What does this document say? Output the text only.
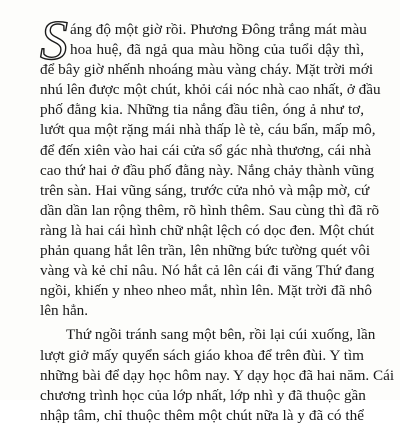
S áng độ một giờ rồi. Phương Đông trắng mát màu
hoa huệ, đã ngả qua màu hồng của tuổi dậy thì,
để bây giờ nhếnh nhoáng màu vàng cháy. Mặt trời mới
nhú lên được một chút, khỏi cái nóc nhà cao nhất, ở đầu
phố đằng kia. Những tia nắng đầu tiên, óng ả như tơ,
lướt qua một rặng mái nhà thấp lè tè, cáu bẩn, mấp mô,
để đến xiên vào hai cái cửa sổ gác nhà thương, cái nhà
cao thứ hai ở đầu phố đằng này. Nắng chảy thành vũng
trên sàn. Hai vũng sáng, trước cửa nhỏ và mập mờ, cứ
dần dần lan rộng thêm, rõ hình thêm. Sau cùng thì đã rõ
ràng là hai cái hình chữ nhật lệch có dọc đen. Một chút
phản quang hắt lên trần, lên những bức tường quét vôi
vàng và kẻ chỉ nâu. Nó hắt cả lên cái đi văng Thứ đang
ngồi, khiến y nheo nheo mắt, nhìn lên. Mặt trời đã nhô
lên hẳn.
Thứ ngồi tránh sang một bên, rồi lại cúi xuống, lần
lượt giở mấy quyển sách giáo khoa để trên đùi. Y tìm
những bài để dạy học hôm nay. Y dạy học đã hai năm. Cái
chương trình học của lớp nhất, lớp nhì y đã thuộc gần
nhập tâm, chỉ thuộc thêm một chút nữa là y đã có thể
